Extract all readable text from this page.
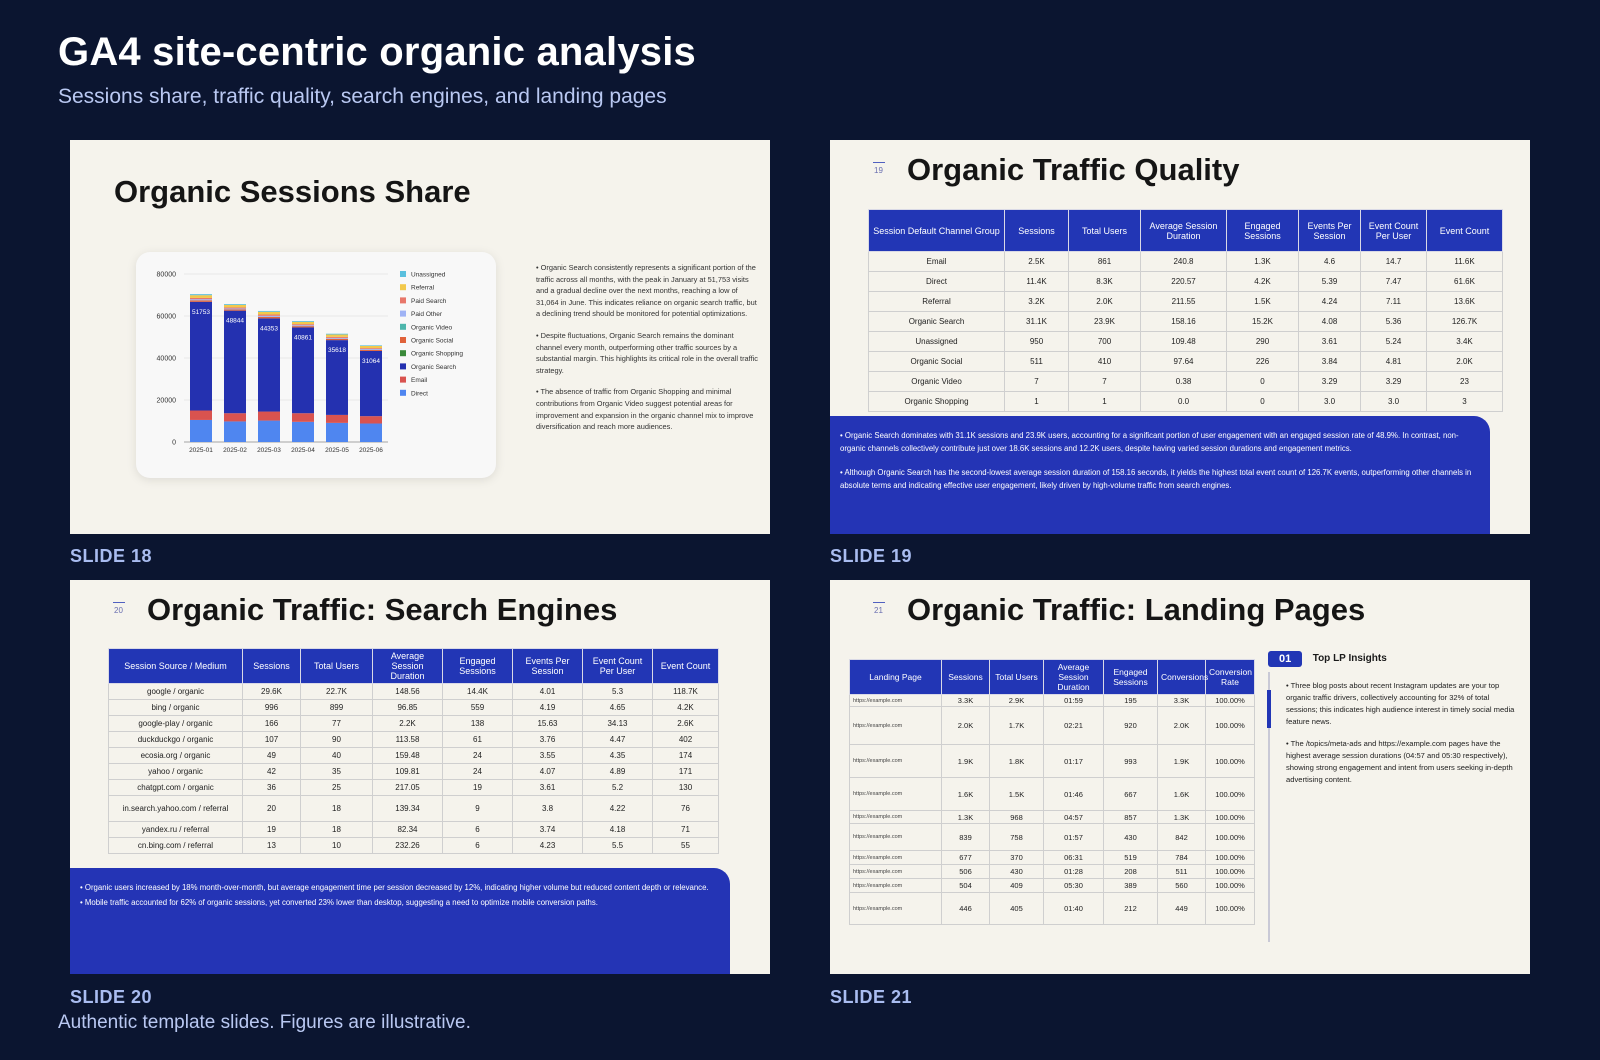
GA4 site-centric organic analysis
Sessions share, traffic quality, search engines, and landing pages
Organic Sessions Share
0
20000
40000
60000
80000
51753
2025-01
48844
2025-02
44353
2025-03
40861
2025-04
35618
2025-05
31064
2025-06
Unassigned
Referral
Paid Search
Paid Other
Organic Video
Organic Social
Organic Shopping
Organic Search
Email
Direct

• Organic Search consistently represents a significant portion of the traffic across all months, with the peak in January at 51,753 visits and a gradual decline over the next months, reaching a low of 31,064 in June. This indicates reliance on organic search traffic, but a declining trend should be monitored for potential optimizations.

• Despite fluctuations, Organic Search remains the dominant channel every month, outperforming other traffic sources by a substantial margin. This highlights its critical role in the overall traffic strategy.

• The absence of traffic from Organic Shopping and minimal contributions from Organic Video suggest potential areas for improvement and expansion in the organic channel mix to improve diversification and reach more audiences.

SLIDE 18
19 Organic Traffic Quality
Session Default Channel Group	Sessions	Total Users	Average Session Duration	Engaged Sessions	Events Per Session	Event Count Per User	Event Count
Email	2.5K	861	240.8	1.3K	4.6	14.7	11.6K
Direct	11.4K	8.3K	220.57	4.2K	5.39	7.47	61.6K
Referral	3.2K	2.0K	211.55	1.5K	4.24	7.11	13.6K
Organic Search	31.1K	23.9K	158.16	15.2K	4.08	5.36	126.7K
Unassigned	950	700	109.48	290	3.61	5.24	3.4K
Organic Social	511	410	97.64	226	3.84	4.81	2.0K
Organic Video	7	7	0.38	0	3.29	3.29	23
Organic Shopping	1	1	0.0	0	3.0	3.0	3

• Organic Search dominates with 31.1K sessions and 23.9K users, accounting for a significant portion of user engagement with an engaged session rate of 48.9%. In contrast, non-organic channels collectively contribute just over 18.6K sessions and 12.2K users, despite having varied session durations and engagement metrics.

• Although Organic Search has the second-lowest average session duration of 158.16 seconds, it yields the highest total event count of 126.7K events, outperforming other channels in absolute terms and indicating effective user engagement, likely driven by high-volume traffic from search engines.

SLIDE 19
20 Organic Traffic: Search Engines
Session Source / Medium	Sessions	Total Users	Average Session Duration	Engaged Sessions	Events Per Session	Event Count Per User	Event Count
google / organic	29.6K	22.7K	148.56	14.4K	4.01	5.3	118.7K
bing / organic	996	899	96.85	559	4.19	4.65	4.2K
google-play / organic	166	77	2.2K	138	15.63	34.13	2.6K
duckduckgo / organic	107	90	113.58	61	3.76	4.47	402
ecosia.org / organic	49	40	159.48	24	3.55	4.35	174
yahoo / organic	42	35	109.81	24	4.07	4.89	171
chatgpt.com / organic	36	25	217.05	19	3.61	5.2	130
in.search.yahoo.com / referral	20	18	139.34	9	3.8	4.22	76
yandex.ru / referral	19	18	82.34	6	3.74	4.18	71
cn.bing.com / referral	13	10	232.26	6	4.23	5.5	55

• Organic users increased by 18% month-over-month, but average engagement time per session decreased by 12%, indicating higher volume but reduced content depth or relevance.

• Mobile traffic accounted for 62% of organic sessions, yet converted 23% lower than desktop, suggesting a need to optimize mobile conversion paths.

SLIDE 20
21 Organic Traffic: Landing Pages
Landing Page	Sessions	Total Users	Average Session Duration	Engaged Sessions	Conversions	Conversion Rate
https://example.com	3.3K	2.9K	01:59	195	3.3K	100.00%
https://example.com	2.0K	1.7K	02:21	920	2.0K	100.00%
https://example.com	1.9K	1.8K	01:17	993	1.9K	100.00%
https://example.com	1.6K	1.5K	01:46	667	1.6K	100.00%
https://example.com	1.3K	968	04:57	857	1.3K	100.00%
https://example.com	839	758	01:57	430	842	100.00%
https://example.com	677	370	06:31	519	784	100.00%
https://example.com	506	430	01:28	208	511	100.00%
https://example.com	504	409	05:30	389	560	100.00%
https://example.com	446	405	01:40	212	449	100.00%
01 Top LP Insights

• Three blog posts about recent Instagram updates are your top organic traffic drivers, collectively accounting for 32% of total sessions; this indicates high audience interest in timely social media feature news.

• The /topics/meta-ads and https://example.com pages have the highest average session durations (04:57 and 05:30 respectively), showing strong engagement and intent from users seeking in-depth advertising content.

SLIDE 21
Authentic template slides. Figures are illustrative.
